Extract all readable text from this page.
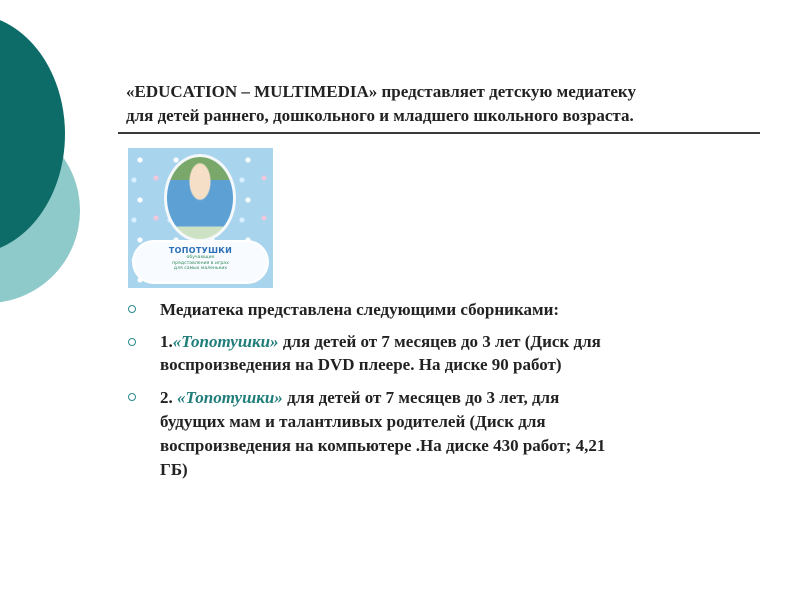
«EDUCATION – MULTIMEDIA» представляет детскую медиатеку
для детей раннего, дошкольного и младшего школьного возраста.
ТОПОТУШКИ
обучающие
представления в играх
для самых маленьких
Медиатека представлена следующими сборниками:
1.«Топотушки» для детей от 7 месяцев до 3 лет (Диск для
воспроизведения на DVD плеере. На диске 90 работ)
2. «Топотушки» для детей от 7 месяцев до 3 лет, для
будущих мам и талантливых родителей (Диск для
воспроизведения на компьютере .На диске 430 работ; 4,21
ГБ)
